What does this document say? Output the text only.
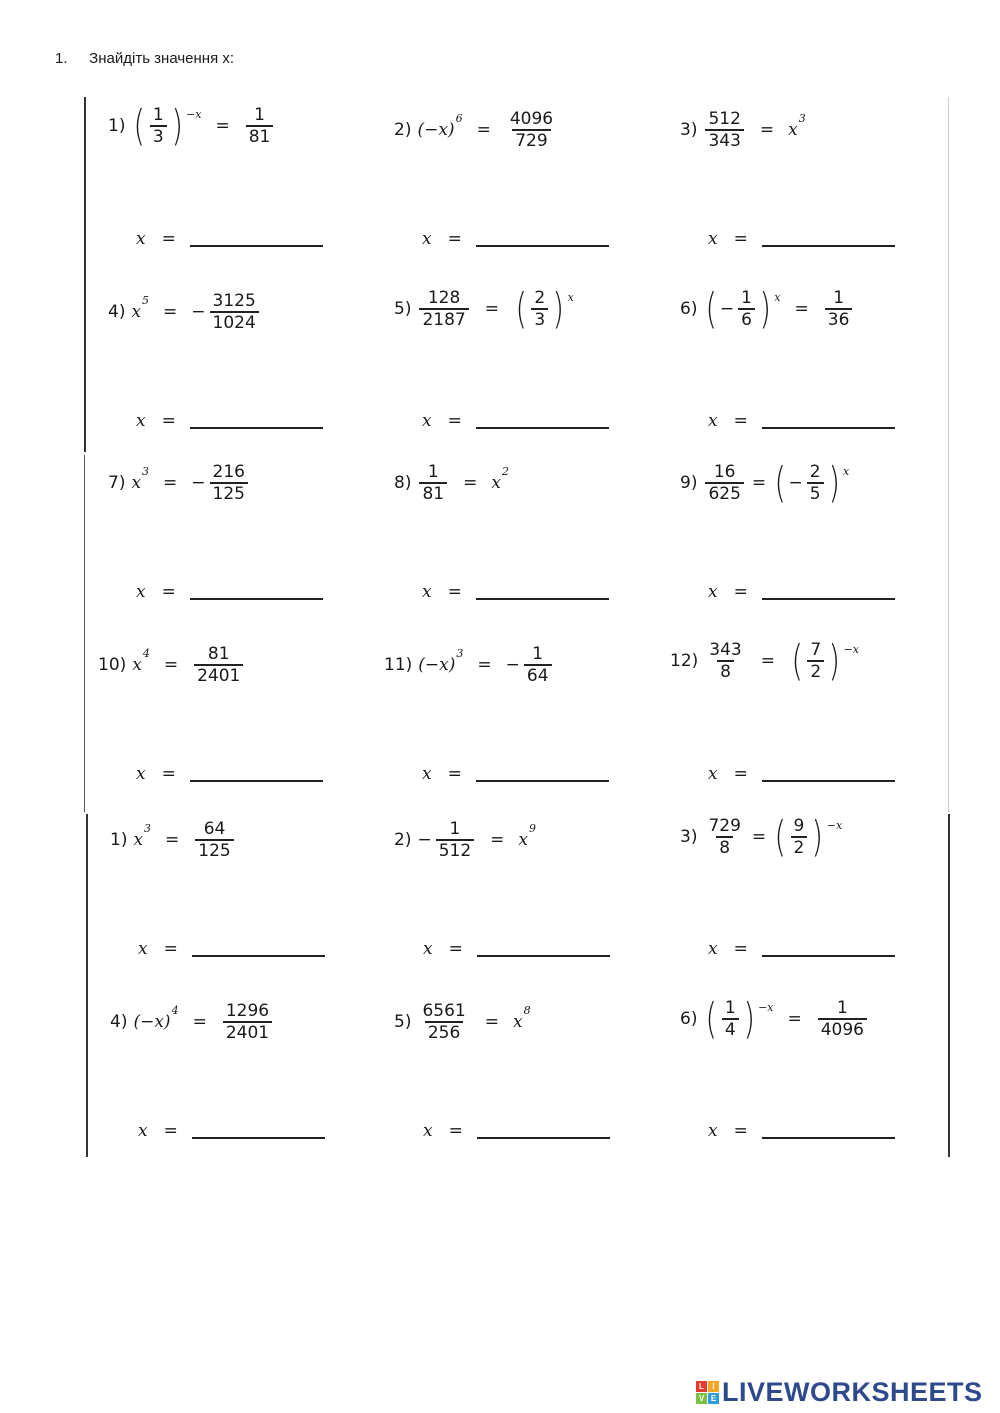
1. Знайдіть значення x:
1) ( $\frac{1}{3}$ ) −x
= $\frac{1}{81}$	2) (−x)
6
= $\frac{4096}{729}$	$3) \frac{512}{343} = x$
3
4) x
5
= − $\frac{3125}{1024}$	$5) \frac{128}{2187}$ = ( $\frac{2}{3}$ ) x
6) ( − $\frac{1}{6}$ ) x
= $\frac{1}{36}$
7) x
3
= − $\frac{216}{125}$	$8) \frac{1}{81} = x$
2
$9) \frac{16}{625}$ = ( − $\frac{2}{5}$ ) x
10) x
4
= $\frac{81}{2401}$	11) (−x)
3
= − $\frac{1}{64}$	$12) \frac{343}{8}$ = ( $\frac{7}{2}$ ) −x
1) x
3
= $\frac{64}{125}$	$2) - \frac{1}{512} = x$
9	$3) \frac{729}{8}$ = ( $\frac{9}{2}$ ) −x
4) (−x)
4
= $\frac{1296}{2401}$	$5) \frac{6561}{256} = x$
8	6) ( $\frac{1}{4}$ ) −x
= $\frac{1}{4096}$
x =	x =	x =
x =	x =	x =
x =	x =	x =
x =	x =	x =
x =	x =	x =
x =	x =	x =
L	I
V E LIVEWORKSHEETS
